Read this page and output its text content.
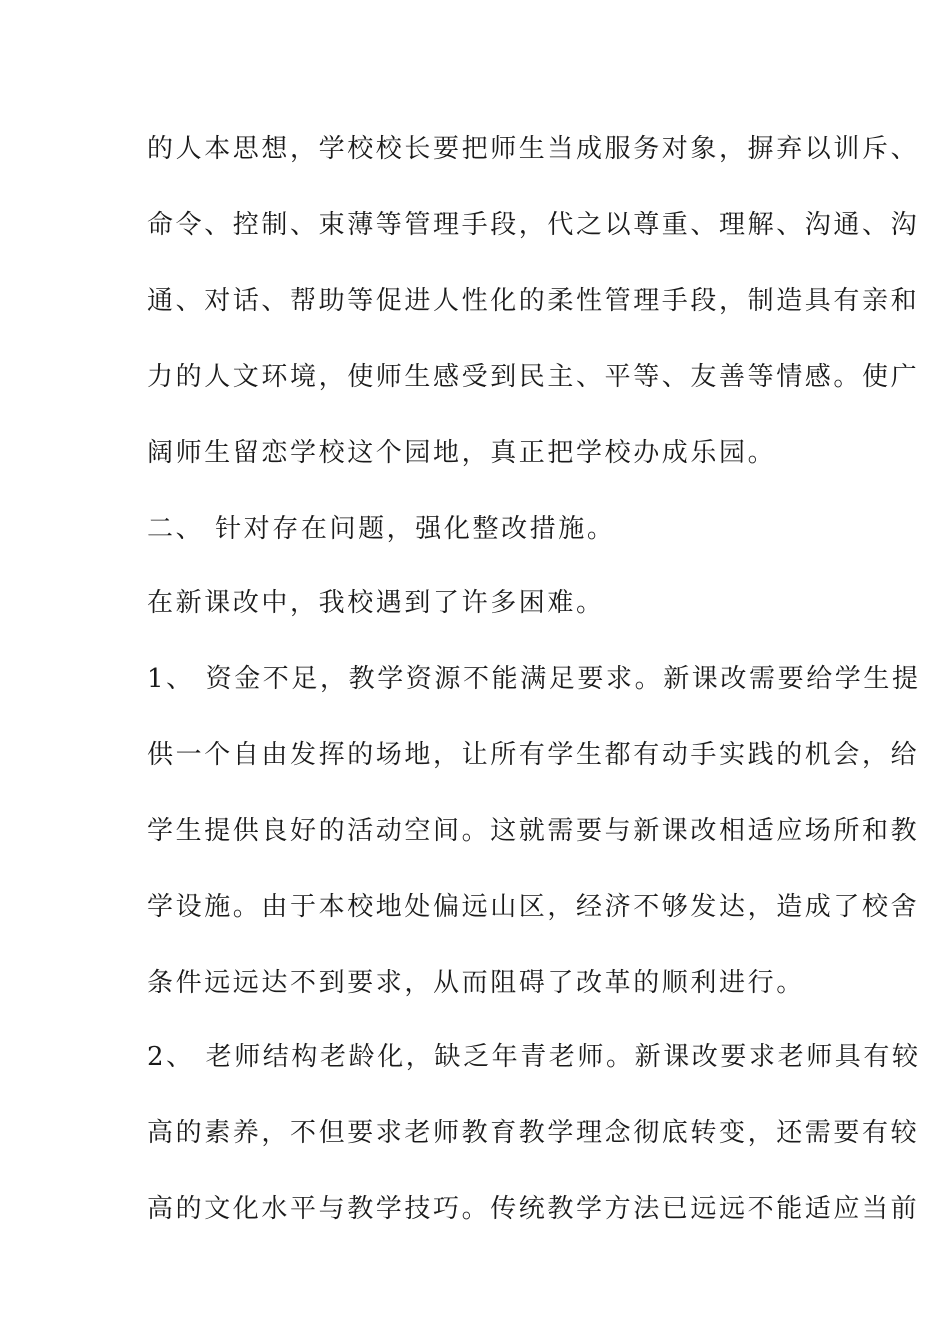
的人本思想，学校校长要把师生当成服务对象，摒弃以训斥、
命令、控制、束薄等管理手段，代之以尊重、理解、沟通、沟
通、对话、帮助等促进人性化的柔性管理手段，制造具有亲和
力的人文环境，使师生感受到民主、平等、友善等情感。使广
阔师生留恋学校这个园地，真正把学校办成乐园。
二、 针对存在问题，强化整改措施。
在新课改中，我校遇到了许多困难。
1、 资金不足，教学资源不能满足要求。新课改需要给学生提
供一个自由发挥的场地，让所有学生都有动手实践的机会，给
学生提供良好的活动空间。这就需要与新课改相适应场所和教
学设施。由于本校地处偏远山区，经济不够发达，造成了校舍
条件远远达不到要求，从而阻碍了改革的顺利进行。
2、 老师结构老龄化，缺乏年青老师。新课改要求老师具有较
高的素养，不但要求老师教育教学理念彻底转变，还需要有较
高的文化水平与教学技巧。传统教学方法已远远不能适应当前
